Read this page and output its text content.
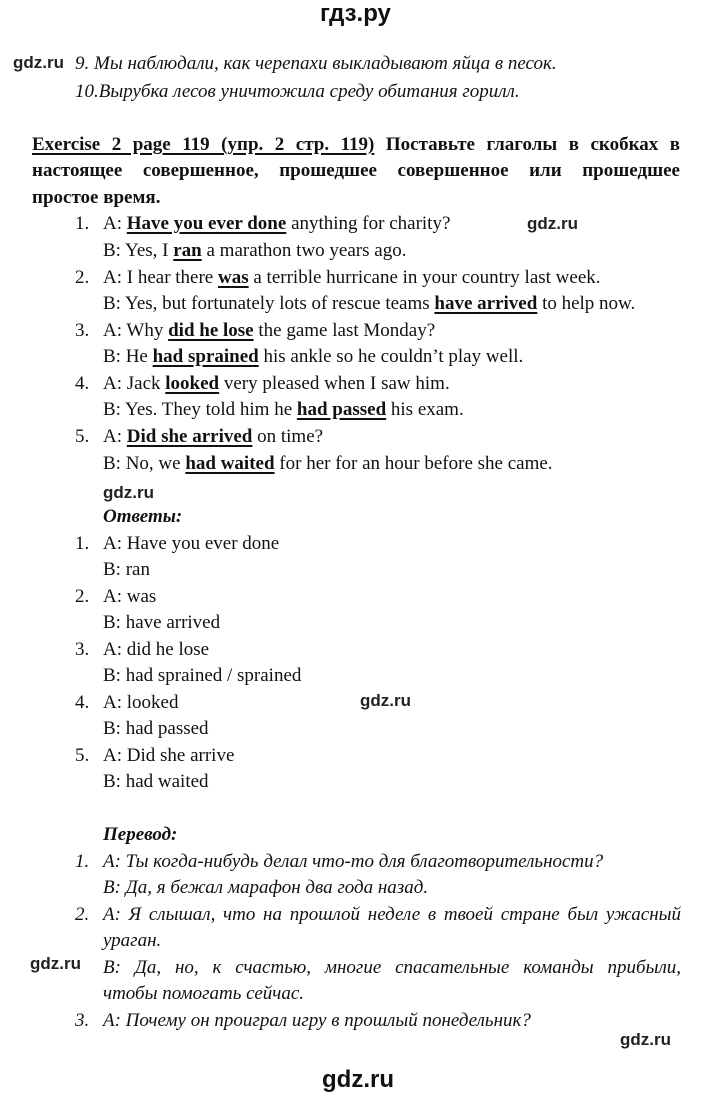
гдз.ру
gdz.ru 9. Мы наблюдали, как черепахи выкладывают яйца в песок.
10.Вырубка лесов уничтожила среду обитания горилл.
Exercise 2 page 119 (упр. 2 стр. 119) Поставьте глаголы в скобках в
настоящее совершенное, прошедшее совершенное или прошедшее
простое время.
1. A: Have you ever done anything for charity?	gdz.ru
B: Yes, I ran a marathon two years ago.
2. A: I hear there was a terrible hurricane in your country last week.
B: Yes, but fortunately lots of rescue teams have arrived to help now.
3. A: Why did he lose the game last Monday?
B: He had sprained his ankle so he couldn’t play well.
4. A: Jack looked very pleased when I saw him.
B: Yes. They told him he had passed his exam.
5. A: Did she arrived on time?
B: No, we had waited for her for an hour before she came.
gdz.ru
Ответы:
1. A: Have you ever done
B: ran
2. A: was
B: have arrived
3. A: did he lose
B: had sprained / sprained
4. A: looked	gdz.ru
B: had passed
5. A: Did she arrive
B: had waited
Перевод:
1. А: Ты когда-нибудь делал что-то для благотворительности?
В: Да, я бежал марафон два года назад.
2. А: Я слышал, что на прошлой неделе в твоей стране был ужасный
ураган.
gdz.ru В: Да, но, к счастью, многие спасательные команды прибыли,
чтобы помогать сейчас.
3. А: Почему он проиграл игру в прошлый понедельник?
gdz.ru
gdz.ru
